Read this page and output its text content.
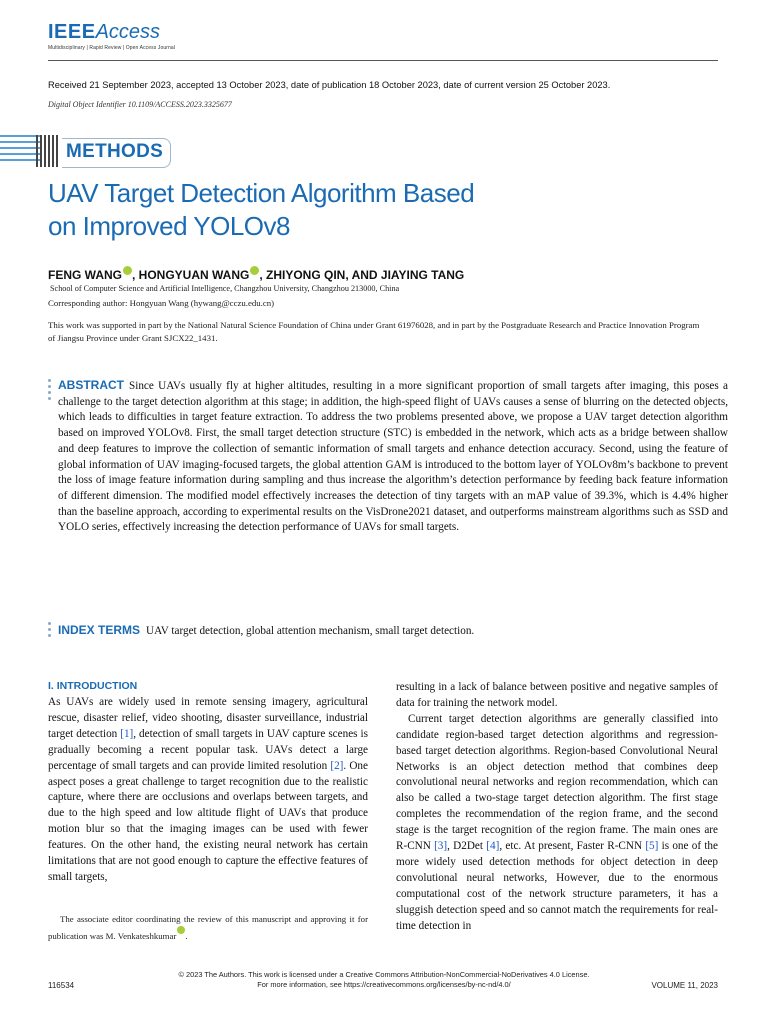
IEEEAccess
Multidisciplinary | Rapid Review | Open Access Journal
Received 21 September 2023, accepted 13 October 2023, date of publication 18 October 2023, date of current version 25 October 2023.
Digital Object Identifier 10.1109/ACCESS.2023.3325677
METHODS
UAV Target Detection Algorithm Based
on Improved YOLOv8
FENG WANG , HONGYUAN WANG , ZHIYONG QIN, AND JIAYING TANG
School of Computer Science and Artificial Intelligence, Changzhou University, Changzhou 213000, China
Corresponding author: Hongyuan Wang (hywang@cczu.edu.cn)
This work was supported in part by the National Natural Science Foundation of China under Grant 61976028, and in part by the Postgraduate Research and Practice Innovation Program of Jiangsu Province under Grant SJCX22_1431.
ABSTRACT Since UAVs usually fly at higher altitudes, resulting in a more significant proportion of small targets after imaging, this poses a challenge to the target detection algorithm at this stage; in addition, the high-speed flight of UAVs causes a sense of blurring on the detected objects, which leads to difficulties in target feature extraction. To address the two problems presented above, we propose a UAV target detection algorithm based on improved YOLOv8. First, the small target detection structure (STC) is embedded in the network, which acts as a bridge between shallow and deep features to improve the collection of semantic information of small targets and enhance detection accuracy. Second, using the feature of global information of UAV imaging-focused targets, the global attention GAM is introduced to the bottom layer of YOLOv8m’s backbone to prevent the loss of image feature information during sampling and thus increase the algorithm’s detection performance by feeding back feature information of different dimension. The modified model effectively increases the detection of tiny targets with an mAP value of 39.3%, which is 4.4% higher than the baseline approach, according to experimental results on the VisDrone2021 dataset, and outperforms mainstream algorithms such as SSD and YOLO series, effectively increasing the detection performance of UAVs for small targets.
INDEX TERMS UAV target detection, global attention mechanism, small target detection.
I. INTRODUCTION
As UAVs are widely used in remote sensing imagery, agricultural rescue, disaster relief, video shooting, disaster surveillance, industrial target detection [1], detection of small targets in UAV capture scenes is gradually becoming a recent popular task. UAVs detect a large percentage of small targets and can provide limited resolution [2]. One aspect poses a great challenge to target recognition due to the realistic capture, where there are occlusions and overlaps between targets, and due to the high speed and low altitude flight of UAVs that produce motion blur so that the imaging images can be used with fewer features. On the other hand, the existing neural network has certain limitations that are not good enough to capture the effective features of small targets,
The associate editor coordinating the review of this manuscript and approving it for publication was M. Venkateshkumar .
resulting in a lack of balance between positive and negative samples of data for training the network model.
Current target detection algorithms are generally classified into candidate region-based target detection algorithms and regression-based target detection algorithms. Region-based Convolutional Neural Networks is an object detection method that combines deep convolutional neural networks and region recommendation, which can also be called a two-stage target detection algorithm. The first stage completes the recommendation of the region frame, and the second stage is the target recognition of the region frame. The main ones are R-CNN [3], D2Det [4], etc. At present, Faster R-CNN [5] is one of the more widely used detection methods for object detection in deep convolutional neural networks, However, due to the enormous computational cost of the network structure parameters, it has a sluggish detection speed and so cannot match the requirements for real-time detection in
© 2023 The Authors. This work is licensed under a Creative Commons Attribution-NonCommercial-NoDerivatives 4.0 License.
For more information, see https://creativecommons.org/licenses/by-nc-nd/4.0/
116534	VOLUME 11, 2023
